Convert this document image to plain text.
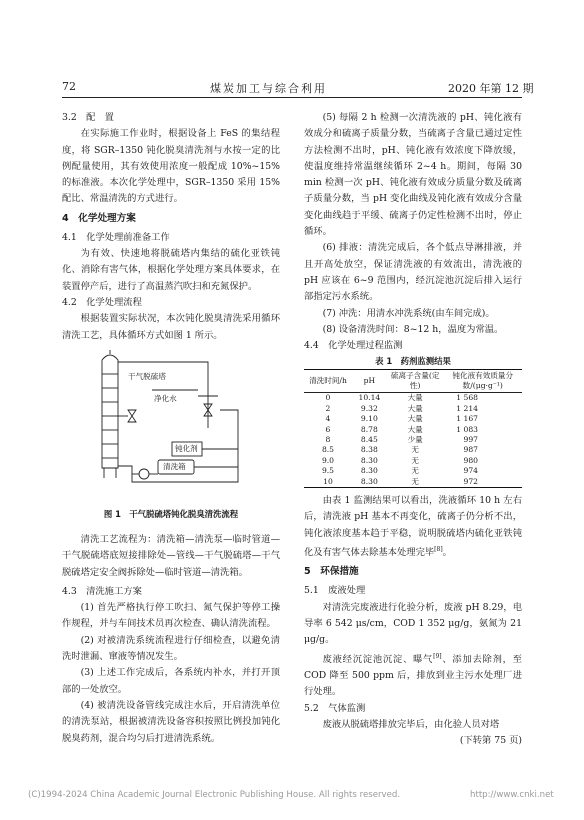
72	煤炭加工与综合利用	2020 年第 12 期
3.2　配　置

在实际施工作业时，根据设备上 FeS 的集结程度，将 SGR–1350 钝化脱臭清洗剂与水按一定的比例配量使用，其有效使用浓度一般配成 10%~15% 的标准液。本次化学处理中，SGR–1350 采用 15% 配比、常温清洗的方式进行。

4　化学处理方案
4.1　化学处理前准备工作

为有效、快速地将脱硫塔内集结的硫化亚铁钝化、消除有害气体，根据化学处理方案具体要求，在装置停产后，进行了高温蒸汽吹扫和充氮保护。

4.2　化学处理流程

根据装置实际状况，本次钝化脱臭清洗采用循环清洗工艺，具体循环方式如图 1 所示。

干气脱硫塔
净化水
钝化剂
清洗箱
图 1　干气脱硫塔钝化脱臭清洗流程

清洗工艺流程为：清洗箱—清洗泵—临时管道—干气脱硫塔底短接排除处—管线—干气脱硫塔—干气脱硫塔定安全阀拆除处—临时管道—清洗箱。

4.3　清洗施工方案

(1) 首先严格执行停工吹扫、氮气保护等停工操作规程，并与车间技术员再次检查、确认清洗流程。

(2) 对被清洗系统流程进行仔细检查，以避免清洗时泄漏、窜液等情况发生。

(3) 上述工作完成后，各系统内补水，并打开顶部的一处放空。

(4) 被清洗设备管线完成注水后，开启清洗单位的清洗泵站，根据被清洗设备容积按照比例投加钝化脱臭药剂，混合均匀后打进清洗系统。

(5) 每隔 2 h 检测一次清洗液的 pH、钝化液有效成分和硫离子质量分数，当硫离子含量已通过定性方法检测不出时，pH、钝化液有效浓度下降放缓，使温度维持常温继续循环 2~4 h。期间，每隔 30 min 检测一次 pH、钝化液有效成分质量分数及硫离子质量分数，当 pH 变化曲线及钝化液有效成分含量变化曲线趋于平缓、硫离子仍定性检测不出时，停止循环。

(6) 排液：清洗完成后，各个低点导淋排液，并且开高处放空，保证清洗液的有效流出，清洗液的 pH 应该在 6~9 范围内，经沉淀池沉淀后排入运行部指定污水系统。

(7) 冲洗：用清水冲洗系统(由车间完成)。

(8) 设备清洗时间：8~12 h，温度为常温。

4.4　化学处理过程监测
表 1　药剂监测结果
清洗时间/h	pH	硫离子含量(定性)	钝化液有效质量分数/(μg·g⁻¹)
0	10.14	大量	1 568
2	9.32	大量	1 214
4	9.10	大量	1 167
6	8.78	大量	1 083
8	8.45	少量	997
8.5	8.38	无	987
9.0	8.30	无	980
9.5	8.30	无	974
10	8.30	无	972

由表 1 监测结果可以看出，洗液循环 10 h 左右后，清洗液 pH 基本不再变化，硫离子仍分析不出，钝化液浓度基本趋于平稳，说明脱硫塔内硫化亚铁钝化及有害气体去除基本处理完毕[8]。

5　环保措施
5.1　废液处理

对清洗完废液进行化验分析，废液 pH 8.29，电导率 6 542 μs/cm，COD 1 352 μg/g，氨氮为 21 μg/g。

废液经沉淀池沉淀、曝气[9]、添加去除剂，至 COD 降至 500 ppm 后，排放到业主污水处理厂进行处理。

5.2　气体监测

废液从脱硫塔排放完毕后，由化验人员对塔

(下转第 75 页)
(C)1994-2024 China Academic Journal Electronic Publishing House. All rights reserved.	http://www.cnki.net
